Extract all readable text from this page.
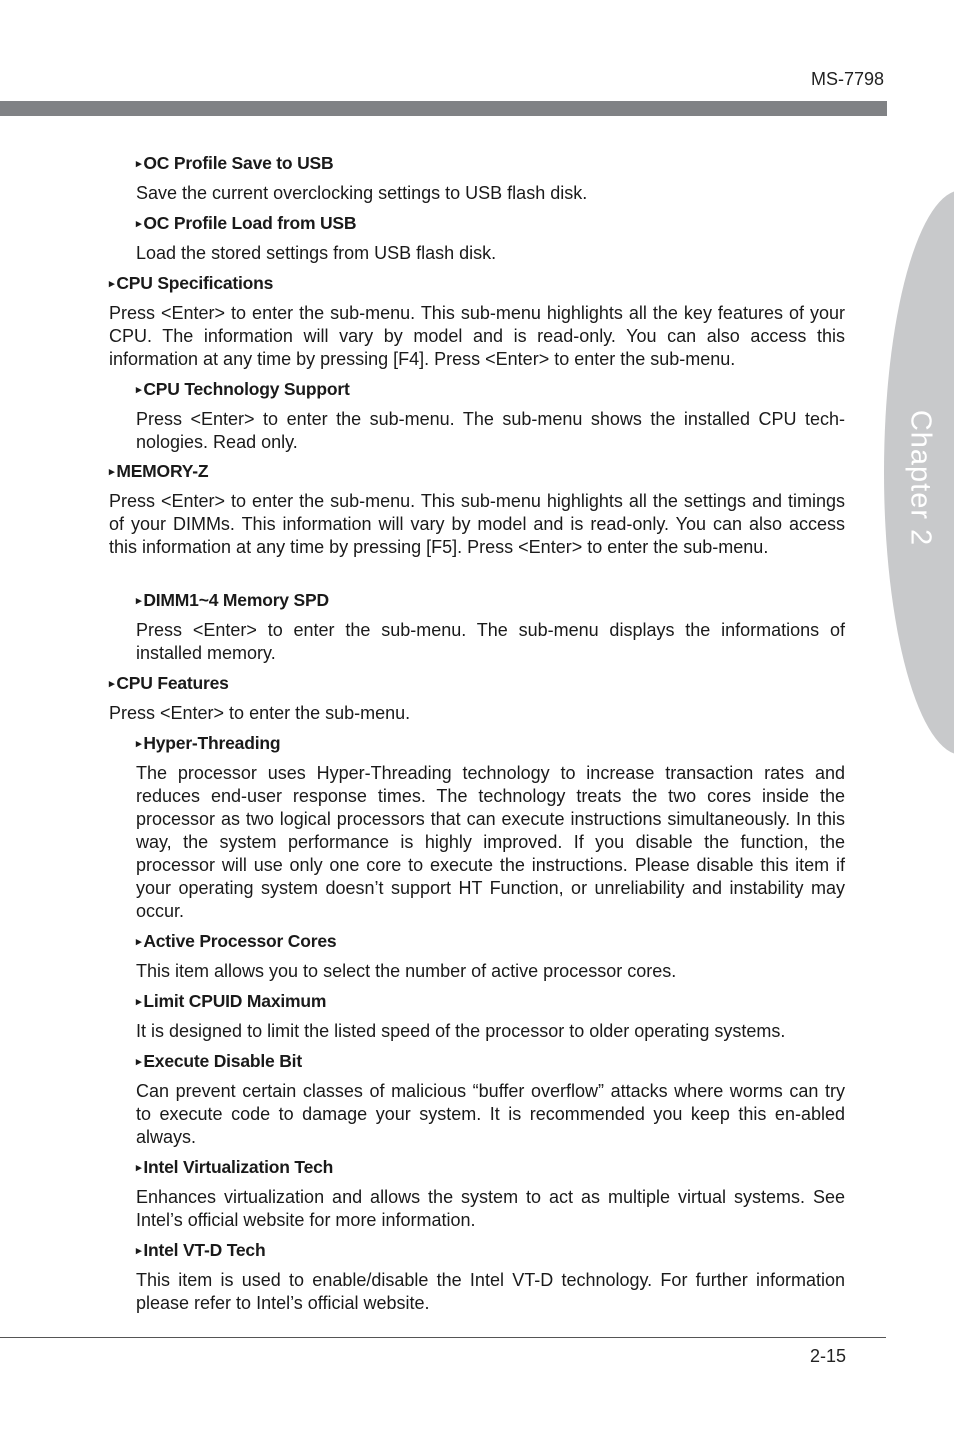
MS-7798
Chapter 2
▸ OC Profile Save to USB

Save the current overclocking settings to USB flash disk.

▸ OC Profile Load from USB

Load the stored settings from USB flash disk.

▸ CPU Specifications

Press <Enter> to enter the sub-menu. This sub-menu highlights all the key features of your CPU. The information will vary by model and is read-only. You can also access this information at any time by pressing [F4]. Press <Enter> to enter the sub-menu.

▸ CPU Technology Support

Press <Enter> to enter the sub-menu. The sub-menu shows the installed CPU tech-nologies. Read only.

▸ MEMORY-Z

Press <Enter> to enter the sub-menu. This sub-menu highlights all the settings and timings of your DIMMs. This information will vary by model and is read-only. You can also access this information at any time by pressing [F5]. Press <Enter> to enter the sub-menu.

▸ DIMM1~4 Memory SPD

Press <Enter> to enter the sub-menu. The sub-menu displays the informations of installed memory.

▸ CPU Features

Press <Enter> to enter the sub-menu.

▸ Hyper-Threading

The processor uses Hyper-Threading technology to increase transaction rates and reduces end-user response times. The technology treats the two cores inside the processor as two logical processors that can execute instructions simultaneously. In this way, the system performance is highly improved. If you disable the function, the processor will use only one core to execute the instructions. Please disable this item if your operating system doesn’t support HT Function, or unreliability and instability may occur.

▸ Active Processor Cores

This item allows you to select the number of active processor cores.

▸ Limit CPUID Maximum

It is designed to limit the listed speed of the processor to older operating systems.

▸ Execute Disable Bit

Can prevent certain classes of malicious “buffer overflow” attacks where worms can try to execute code to damage your system. It is recommended you keep this en-abled always.

▸ Intel Virtualization Tech

Enhances virtualization and allows the system to act as multiple virtual systems. See Intel’s official website for more information.

▸ Intel VT-D Tech

This item is used to enable/disable the Intel VT-D technology. For further information please refer to Intel’s official website.

2-15
